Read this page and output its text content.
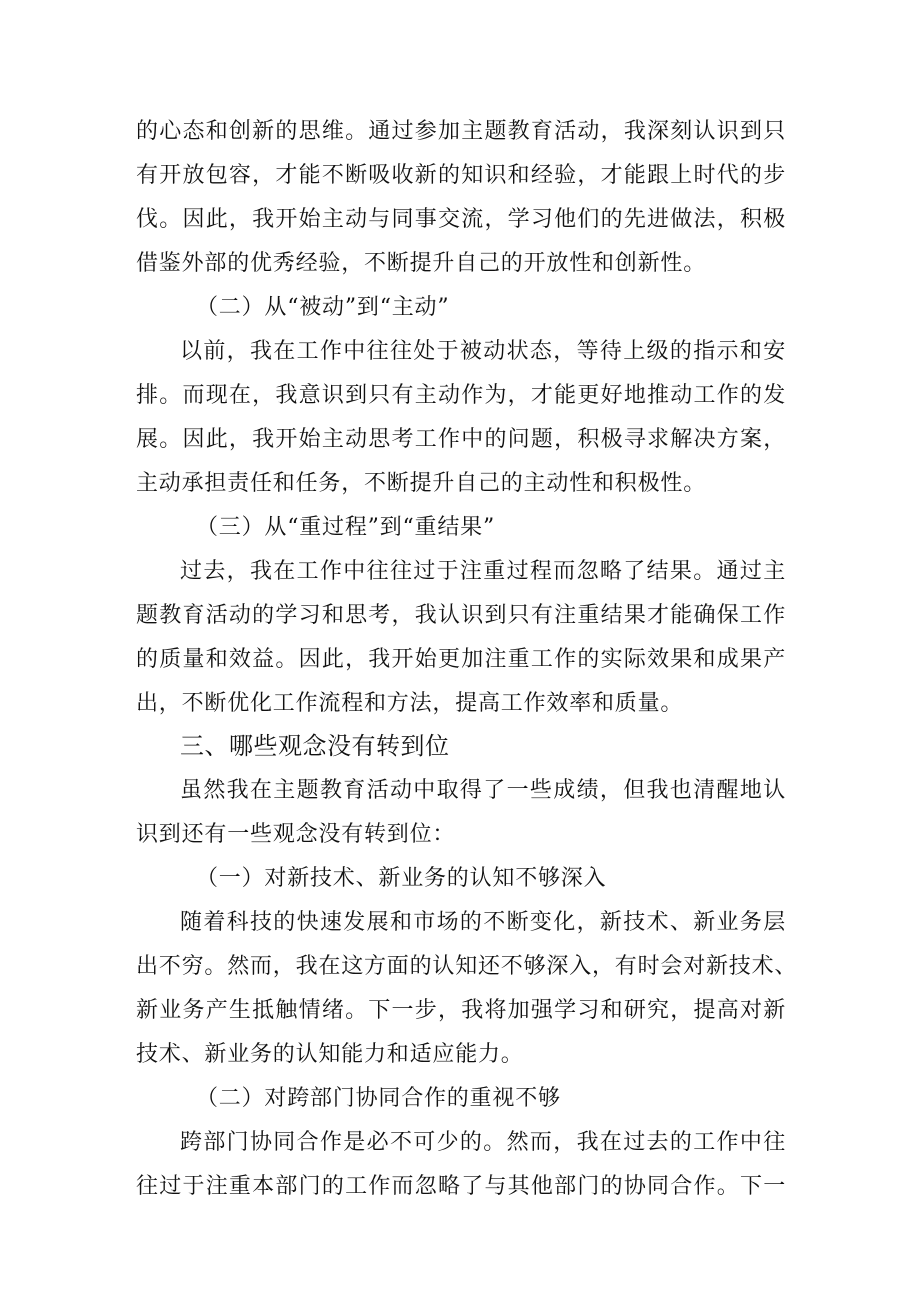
的心态和创新的思维。通过参加主题教育活动，我深刻认识到只
有开放包容，才能不断吸收新的知识和经验，才能跟上时代的步
伐。因此，我开始主动与同事交流，学习他们的先进做法，积极
借鉴外部的优秀经验，不断提升自己的开放性和创新性。
（二）从“被动”到“主动”
以前，我在工作中往往处于被动状态，等待上级的指示和安
排。而现在，我意识到只有主动作为，才能更好地推动工作的发
展。因此，我开始主动思考工作中的问题，积极寻求解决方案，
主动承担责任和任务，不断提升自己的主动性和积极性。
（三）从“重过程”到“重结果”
过去，我在工作中往往过于注重过程而忽略了结果。通过主
题教育活动的学习和思考，我认识到只有注重结果才能确保工作
的质量和效益。因此，我开始更加注重工作的实际效果和成果产
出，不断优化工作流程和方法，提高工作效率和质量。
三、哪些观念没有转到位
虽然我在主题教育活动中取得了一些成绩，但我也清醒地认
识到还有一些观念没有转到位：
（一）对新技术、新业务的认知不够深入
随着科技的快速发展和市场的不断变化，新技术、新业务层
出不穷。然而，我在这方面的认知还不够深入，有时会对新技术、
新业务产生抵触情绪。下一步，我将加强学习和研究，提高对新
技术、新业务的认知能力和适应能力。
（二）对跨部门协同合作的重视不够
跨部门协同合作是必不可少的。然而，我在过去的工作中往
往过于注重本部门的工作而忽略了与其他部门的协同合作。下一
